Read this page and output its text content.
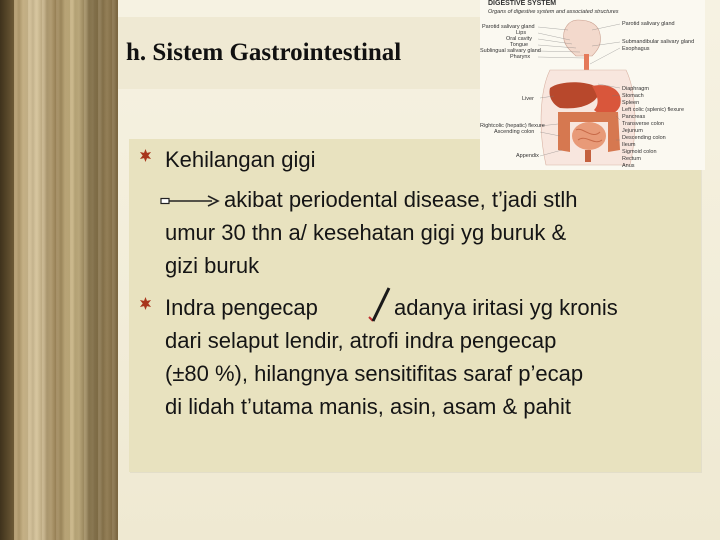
h. Sistem Gastrointestinal
Kehilangan gigi
akibat periodental disease, t’jadi stlh
umur 30 thn a/ kesehatan gigi yg buruk &
gizi buruk
Indra pengecap	adanya iritasi yg kronis
dari selaput lendir, atrofi indra pengecap
(±80 %), hilangnya sensitifitas saraf p’ecap
di lidah t’utama manis, asin, asam & pahit
DIGESTIVE SYSTEM
Organs of digestive system and associated structures
Parotid salivary gland
Lips
Oral cavity
Tongue
Sublingual salivary gland
Pharynx
Liver
Rightcolic (hepatic) flexure
Ascending colon
Appendix
Parotid salivary gland
Submandibular salivary gland
Esophagus
Diaphragm
Stomach
Spleen
Left colic (splenic) flexure
Pancreas
Transverse colon
Jejunum
Descending colon
Ileum
Sigmoid colon
Rectum
Anus
